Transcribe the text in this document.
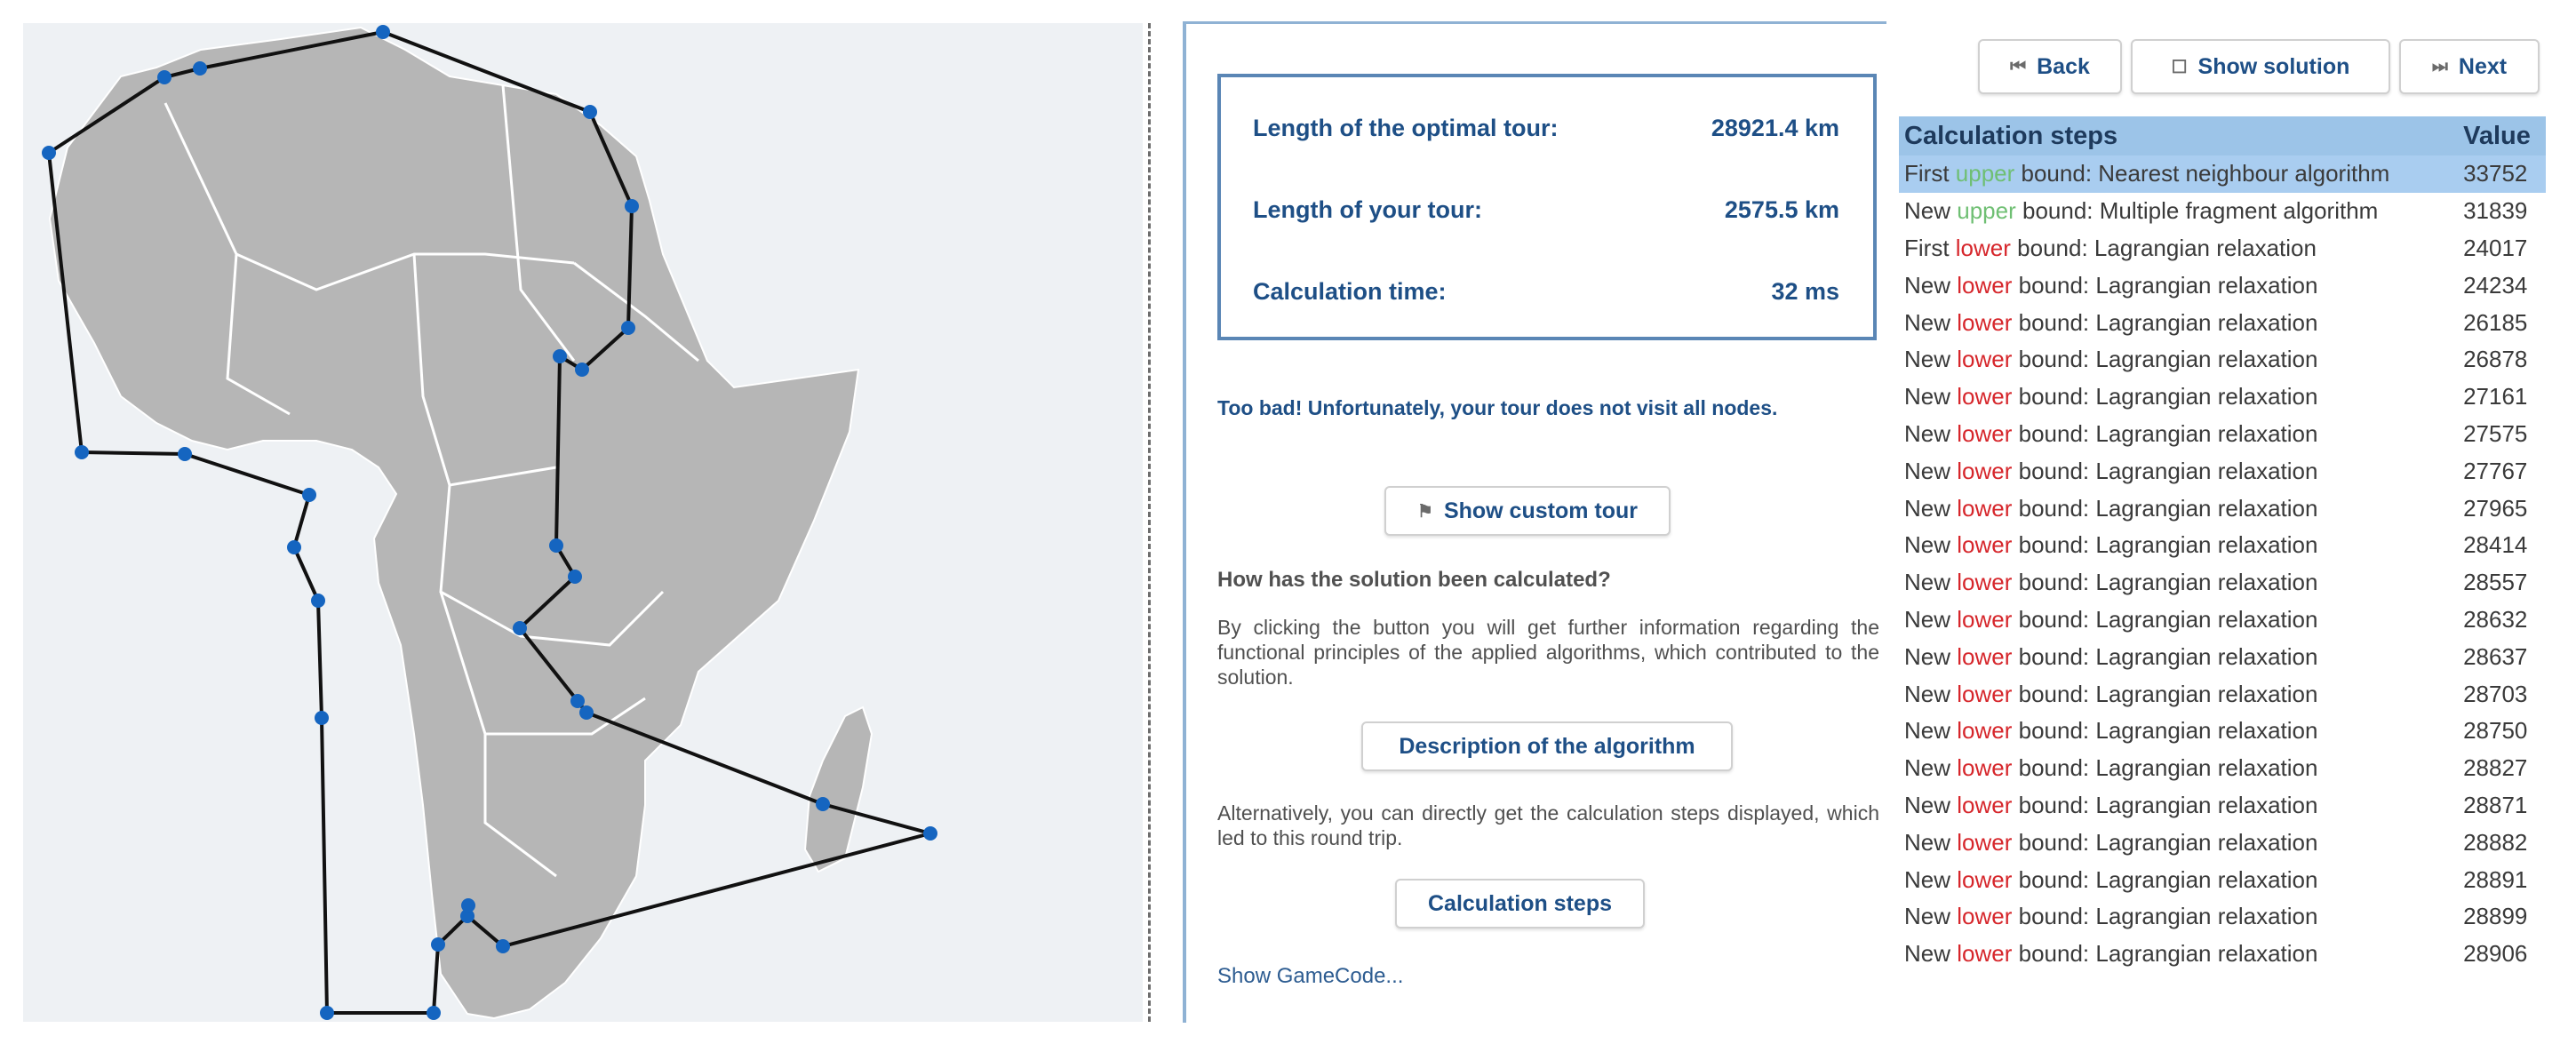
Length of the optimal tour:	28921.4 km
Length of your tour:	2575.5 km
Calculation time:	32 ms
Too bad! Unfortunately, your tour does not visit all nodes.
⚑ Show custom tour
How has the solution been calculated?
By clicking the button you will get further information regarding the functional principles of the applied algorithms, which contributed to the solution.
Description of the algorithm
Alternatively, you can directly get the calculation steps displayed, which led to this round trip.
Calculation steps
Show GameCode...
⏮ Back	☐ Show solution	⏭ Next
Calculation steps	Value
First upper bound: Nearest neighbour algorithm	33752
New upper bound: Multiple fragment algorithm	31839
First lower bound: Lagrangian relaxation	24017
New lower bound: Lagrangian relaxation	24234
New lower bound: Lagrangian relaxation	26185
New lower bound: Lagrangian relaxation	26878
New lower bound: Lagrangian relaxation	27161
New lower bound: Lagrangian relaxation	27575
New lower bound: Lagrangian relaxation	27767
New lower bound: Lagrangian relaxation	27965
New lower bound: Lagrangian relaxation	28414
New lower bound: Lagrangian relaxation	28557
New lower bound: Lagrangian relaxation	28632
New lower bound: Lagrangian relaxation	28637
New lower bound: Lagrangian relaxation	28703
New lower bound: Lagrangian relaxation	28750
New lower bound: Lagrangian relaxation	28827
New lower bound: Lagrangian relaxation	28871
New lower bound: Lagrangian relaxation	28882
New lower bound: Lagrangian relaxation	28891
New lower bound: Lagrangian relaxation	28899
New lower bound: Lagrangian relaxation	28906
